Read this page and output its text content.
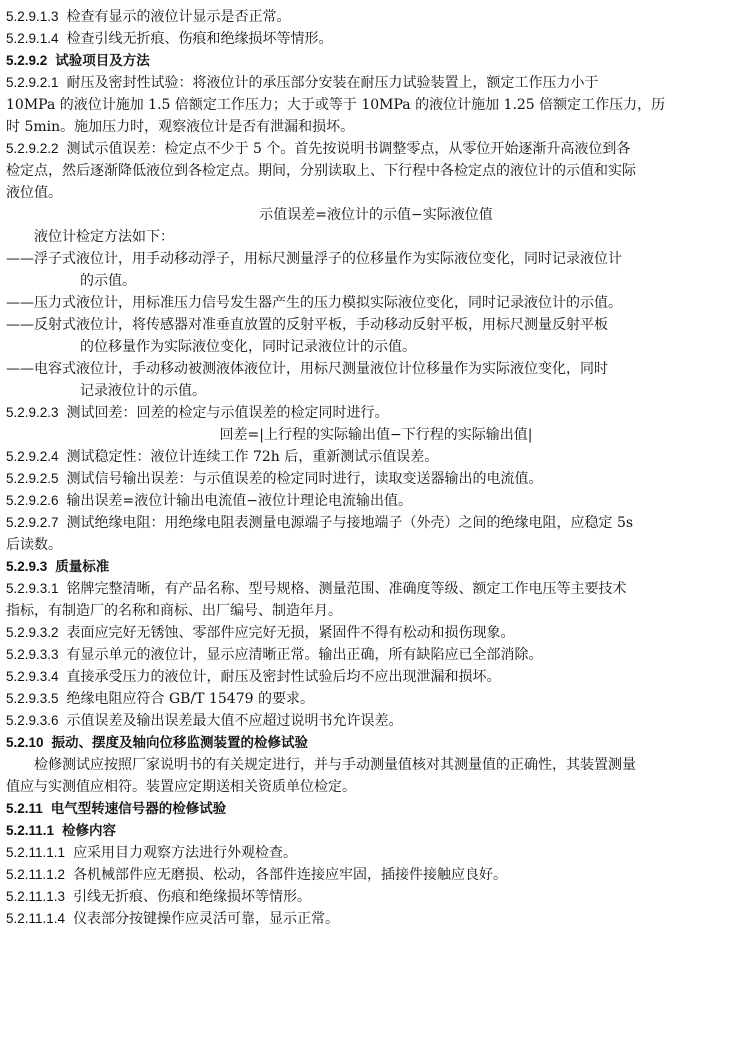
5.2.9.1.3 检查有显示的液位计显示是否正常。
5.2.9.1.4 检查引线无折痕、伤痕和绝缘损坏等情形。
5.2.9.2 试验项目及方法
5.2.9.2.1 耐压及密封性试验：将液位计的承压部分安装在耐压力试验装置上，额定工作压力小于
10MPa 的液位计施加 1.5 倍额定工作压力；大于或等于 10MPa 的液位计施加 1.25 倍额定工作压力，历
时 5min。施加压力时，观察液位计是否有泄漏和损坏。
5.2.9.2.2 测试示值误差：检定点不少于 5 个。首先按说明书调整零点，从零位开始逐渐升高液位到各
检定点，然后逐渐降低液位到各检定点。期间，分别读取上、下行程中各检定点的液位计的示值和实际
液位值。
示值误差=液位计的示值−实际液位值
液位计检定方法如下：
——浮子式液位计，用手动移动浮子，用标尺测量浮子的位移量作为实际液位变化，同时记录液位计
的示值。
——压力式液位计，用标准压力信号发生器产生的压力模拟实际液位变化，同时记录液位计的示值。
——反射式液位计，将传感器对准垂直放置的反射平板，手动移动反射平板，用标尺测量反射平板
的位移量作为实际液位变化，同时记录液位计的示值。
——电容式液位计，手动移动被测液体液位计，用标尺测量液位计位移量作为实际液位变化，同时
记录液位计的示值。
5.2.9.2.3 测试回差：回差的检定与示值误差的检定同时进行。
回差=|上行程的实际输出值−下行程的实际输出值|
5.2.9.2.4 测试稳定性：液位计连续工作 72h 后，重新测试示值误差。
5.2.9.2.5 测试信号输出误差：与示值误差的检定同时进行，读取变送器输出的电流值。
5.2.9.2.6 输出误差=液位计输出电流值−液位计理论电流输出值。
5.2.9.2.7 测试绝缘电阻：用绝缘电阻表测量电源端子与接地端子（外壳）之间的绝缘电阻，应稳定 5s
后读数。
5.2.9.3 质量标准
5.2.9.3.1 铭牌完整清晰，有产品名称、型号规格、测量范围、准确度等级、额定工作电压等主要技术
指标，有制造厂的名称和商标、出厂编号、制造年月。
5.2.9.3.2 表面应完好无锈蚀、零部件应完好无损，紧固件不得有松动和损伤现象。
5.2.9.3.3 有显示单元的液位计，显示应清晰正常。输出正确，所有缺陷应已全部消除。
5.2.9.3.4 直接承受压力的液位计，耐压及密封性试验后均不应出现泄漏和损坏。
5.2.9.3.5 绝缘电阻应符合 GB/T 15479 的要求。
5.2.9.3.6 示值误差及输出误差最大值不应超过说明书允许误差。
5.2.10 振动、摆度及轴向位移监测装置的检修试验
检修测试应按照厂家说明书的有关规定进行，并与手动测量值核对其测量值的正确性，其装置测量
值应与实测值应相符。装置应定期送相关资质单位检定。
5.2.11 电气型转速信号器的检修试验
5.2.11.1 检修内容
5.2.11.1.1 应采用目力观察方法进行外观检查。
5.2.11.1.2 各机械部件应无磨损、松动，各部件连接应牢固，插接件接触应良好。
5.2.11.1.3 引线无折痕、伤痕和绝缘损坏等情形。
5.2.11.1.4 仪表部分按键操作应灵活可靠，显示正常。
